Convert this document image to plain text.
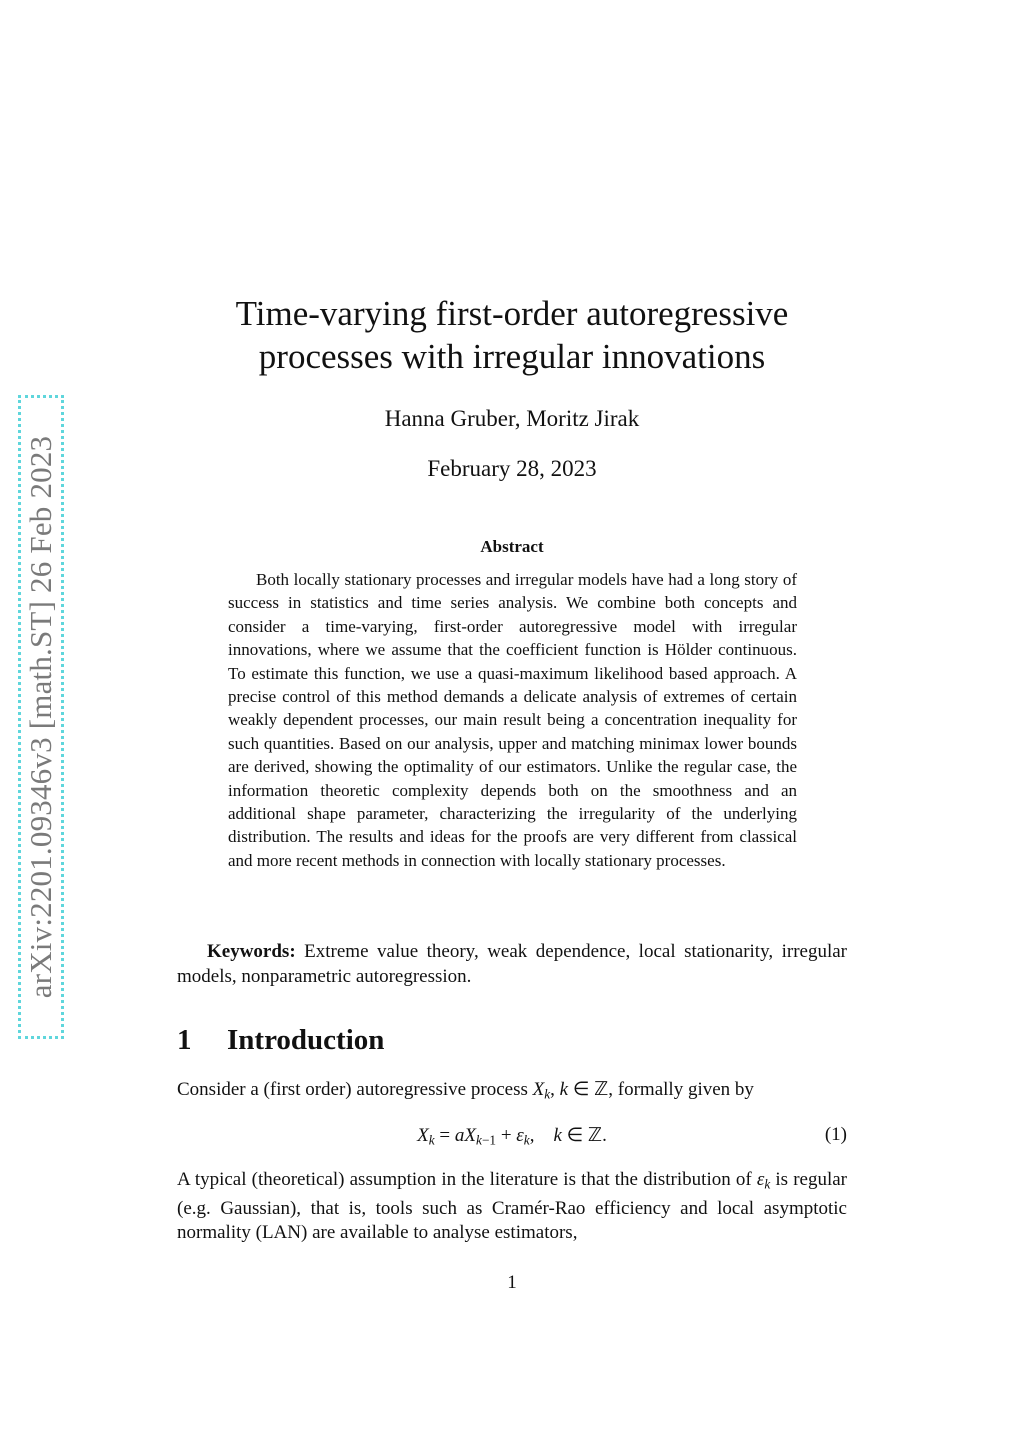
arXiv:2201.09346v3 [math.ST] 26 Feb 2023
Time-varying first-order autoregressive
processes with irregular innovations
Hanna Gruber, Moritz Jirak
February 28, 2023
Abstract
Both locally stationary processes and irregular models have had a long story of success in statistics and time series analysis. We combine both concepts and consider a time-varying, first-order autoregressive model with irregular innovations, where we assume that the coefficient function is Hölder continuous. To estimate this function, we use a quasi-maximum likelihood based approach. A precise control of this method demands a delicate analysis of extremes of certain weakly dependent processes, our main result being a concentration inequality for such quantities. Based on our analysis, upper and matching minimax lower bounds are derived, showing the optimality of our estimators. Unlike the regular case, the information theoretic complexity depends both on the smoothness and an additional shape parameter, characterizing the irregularity of the underlying distribution. The results and ideas for the proofs are very different from classical and more recent methods in connection with locally stationary processes.
Keywords: Extreme value theory, weak dependence, local stationarity, irregular models, nonparametric autoregression.
1 Introduction
Consider a (first order) autoregressive process $X_k$, k ∈ ℤ, formally given by
$X_k = aX_{k-1} + \varepsilon_k$,    k ∈ ℤ.	(1)
A typical (theoretical) assumption in the literature is that the distribution of $\varepsilon_k$ is regular (e.g. Gaussian), that is, tools such as Cramér-Rao efficiency and local asymptotic normality (LAN) are available to analyse estimators,
1
